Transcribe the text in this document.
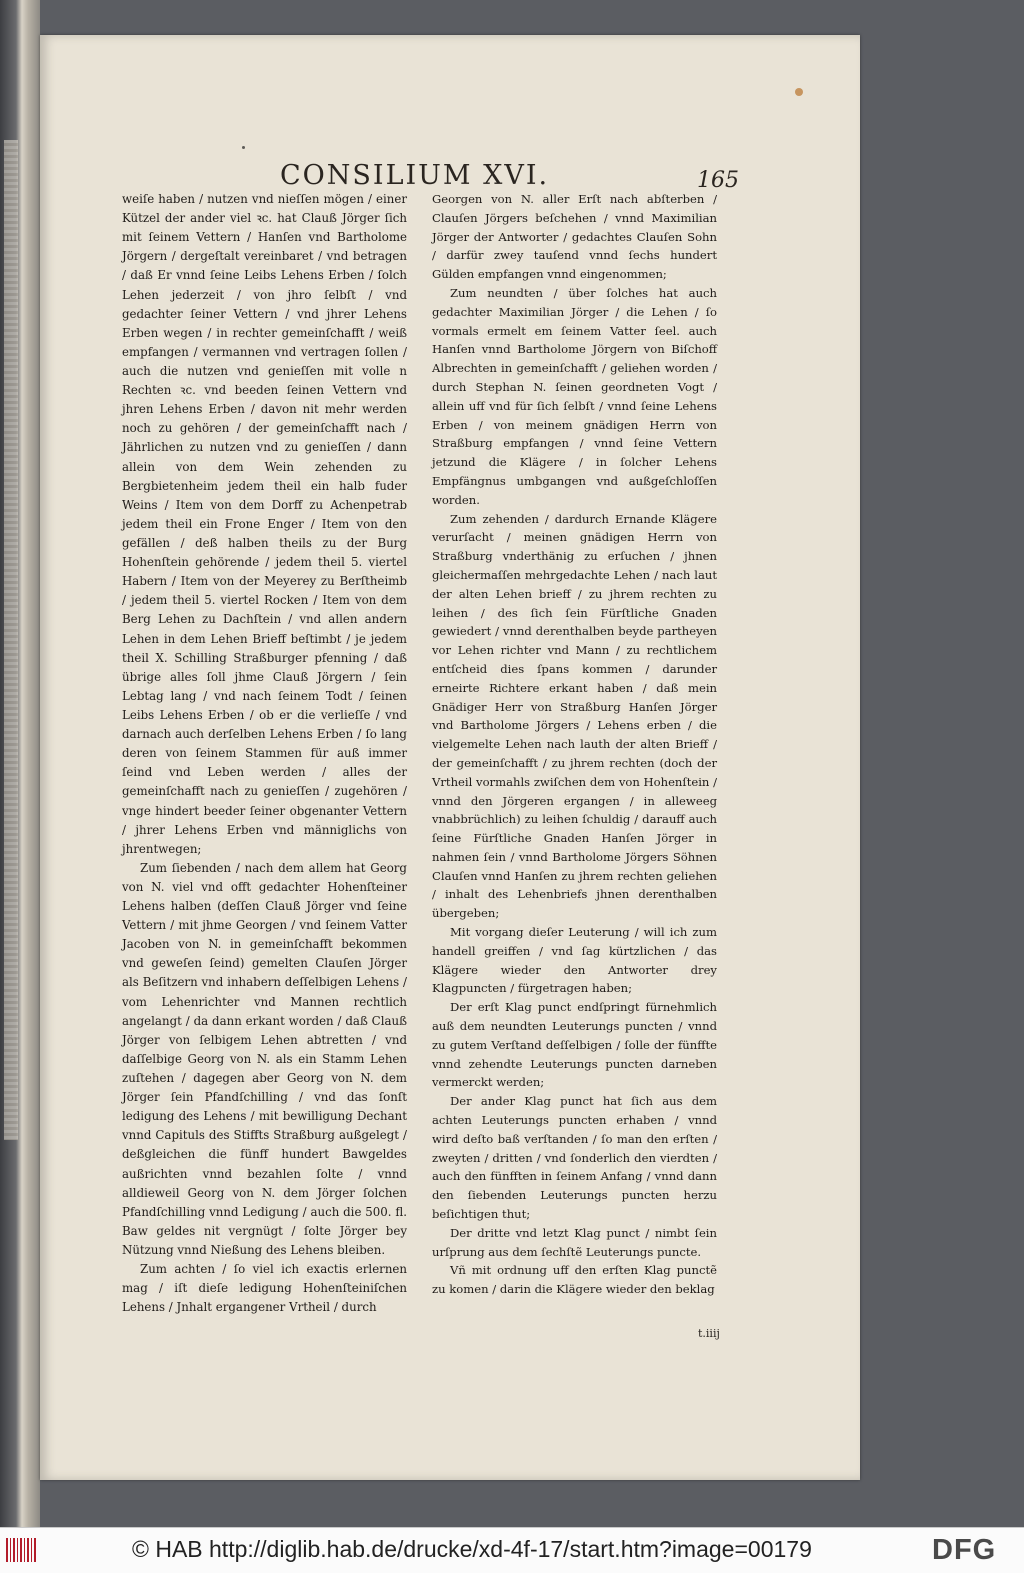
CONSILIUM XVI.	165

weiſe haben / nutzen vnd nieſſen mögen / einer Kützel der ander viel ꝛc. hat Clauß Jörger ſich mit ſeinem Vettern / Hanſen vnd Bartholome Jörgern / dergeſtalt vereinbaret / vnd betragen / daß Er vnnd ſeine Leibs Lehens Erben / ſolch Lehen jederzeit / von jhro ſelbſt / vnd gedachter ſeiner Vettern / vnd jhrer Lehens Erben wegen / in rechter gemeinſchafft / weiß empfangen / vermannen vnd vertragen ſollen / auch die nutzen vnd genieſſen mit volle n Rechten ꝛc. vnd beeden ſeinen Vettern vnd jhren Lehens Erben / davon nit mehr werden noch zu gehören / der gemeinſchafft nach / Jährlichen zu nutzen vnd zu genieſſen / dann allein von dem Wein zehenden zu Bergbietenheim jedem theil ein halb fuder Weins / Item von dem Dorff zu Achenpetrab jedem theil ein Frone Enger / Item von den gefällen / deß halben theils zu der Burg Hohenſtein gehörende / jedem theil 5. viertel Habern / Item von der Meyerey zu Berſtheimb / jedem theil 5. viertel Rocken / Item von dem Berg Lehen zu Dachſtein / vnd allen andern Lehen in dem Lehen Brieff beſtimbt / je jedem theil X. Schilling Straßburger pfenning / daß übrige alles ſoll jhme Clauß Jörgern / ſein Lebtag lang / vnd nach ſeinem Todt / ſeinen Leibs Lehens Erben / ob er die verlieſſe / vnd darnach auch derſelben Lehens Erben / ſo lang deren von ſeinem Stammen für auß immer ſeind vnd Leben werden / alles der gemeinſchafft nach zu genieſſen / zugehören / vnge hindert beeder ſeiner obgenanter Vettern / jhrer Lehens Erben vnd männiglichs von jhrentwegen;

Zum ſiebenden / nach dem allem hat Georg von N. viel vnd offt gedachter Hohenſteiner Lehens halben (deſſen Clauß Jörger vnd ſeine Vettern / mit jhme Georgen / vnd ſeinem Vatter Jacoben von N. in gemeinſchafft bekommen vnd geweſen ſeind) gemelten Clauſen Jörger als Beſitzern vnd inhabern deſſelbigen Lehens / vom Lehenrichter vnd Mannen rechtlich angelangt / da dann erkant worden / daß Clauß Jörger von ſelbigem Lehen abtretten / vnd daſſelbige Georg von N. als ein Stamm Lehen zuſtehen / dagegen aber Georg von N. dem Jörger ſein Pfandſchilling / vnd das ſonſt ledigung des Lehens / mit bewilligung Dechant vnnd Capituls des Stiffts Straßburg außgelegt / deßgleichen die fünff hundert Bawgeldes außrichten vnnd bezahlen ſolte / vnnd alldieweil Georg von N. dem Jörger ſolchen Pfandſchilling vnnd Ledigung / auch die 500. fl. Baw geldes nit vergnügt / ſolte Jörger bey Nützung vnnd Nießung des Lehens bleiben.

Zum achten / ſo viel ich exactis erlernen mag / iſt dieſe ledigung Hohenſteiniſchen Lehens / Jnhalt ergangener Vrtheil / durch

Georgen von N. aller Erſt nach abſterben / Clauſen Jörgers beſchehen / vnnd Maximilian Jörger der Antworter / gedachtes Clauſen Sohn / darfür zwey tauſend vnnd ſechs hundert Gülden empfangen vnnd eingenommen;

Zum neundten / über ſolches hat auch gedachter Maximilian Jörger / die Lehen / ſo vormals ermelt em ſeinem Vatter ſeel. auch Hanſen vnnd Bartholome Jörgern von Biſchoff Albrechten in gemeinſchafft / geliehen worden / durch Stephan N. ſeinen geordneten Vogt / allein uff vnd für ſich ſelbſt / vnnd ſeine Lehens Erben / von meinem gnädigen Herrn von Straßburg empfangen / vnnd ſeine Vettern jetzund die Klägere / in ſolcher Lehens Empfängnus umbgangen vnd außgeſchloſſen worden.

Zum zehenden / dardurch Ernande Klägere verurſacht / meinen gnädigen Herrn von Straßburg vnderthänig zu erſuchen / jhnen gleichermaſſen mehrgedachte Lehen / nach laut der alten Lehen brieff / zu jhrem rechten zu leihen / des ſich ſein Fürſtliche Gnaden gewiedert / vnnd derenthalben beyde partheyen vor Lehen richter vnd Mann / zu rechtlichem entſcheid dies ſpans kommen / darunder erneirte Richtere erkant haben / daß mein Gnädiger Herr von Straßburg Hanſen Jörger vnd Bartholome Jörgers / Lehens erben / die vielgemelte Lehen nach lauth der alten Brieff / der gemeinſchafft / zu jhrem rechten (doch der Vrtheil vormahls zwiſchen dem von Hohenſtein / vnnd den Jörgeren ergangen / in alleweeg vnabbrüchlich) zu leihen ſchuldig / darauff auch ſeine Fürſtliche Gnaden Hanſen Jörger in nahmen ſein / vnnd Bartholome Jörgers Söhnen Clauſen vnnd Hanſen zu jhrem rechten geliehen / inhalt des Lehenbriefs jhnen derenthalben übergeben;

Mit vorgang dieſer Leuterung / will ich zum handell greiffen / vnd ſag kürtzlichen / das Klägere wieder den Antworter drey Klagpuncten / fürgetragen haben;

Der erſt Klag punct endſpringt fürnehmlich auß dem neundten Leuterungs puncten / vnnd zu gutem Verſtand deſſelbigen / ſolle der fünffte vnnd zehendte Leuterungs puncten darneben vermerckt werden;

Der ander Klag punct hat ſich aus dem achten Leuterungs puncten erhaben / vnnd wird deſto baß verſtanden / ſo man den erſten / zweyten / dritten / vnd ſonderlich den vierdten / auch den fünfften in ſeinem Anfang / vnnd dann den ſiebenden Leuterungs puncten herzu beſichtigen thut;

Der dritte vnd letzt Klag punct / nimbt ſein urſprung aus dem ſechſtẽ Leuterungs puncte.

Vñ mit ordnung uff den erſten Klag punctẽ zu komen / darin die Klägere wieder den beklag

t.iiij
© HAB http://diglib.hab.de/drucke/xd-4f-17/start.htm?image=00179	DFG
